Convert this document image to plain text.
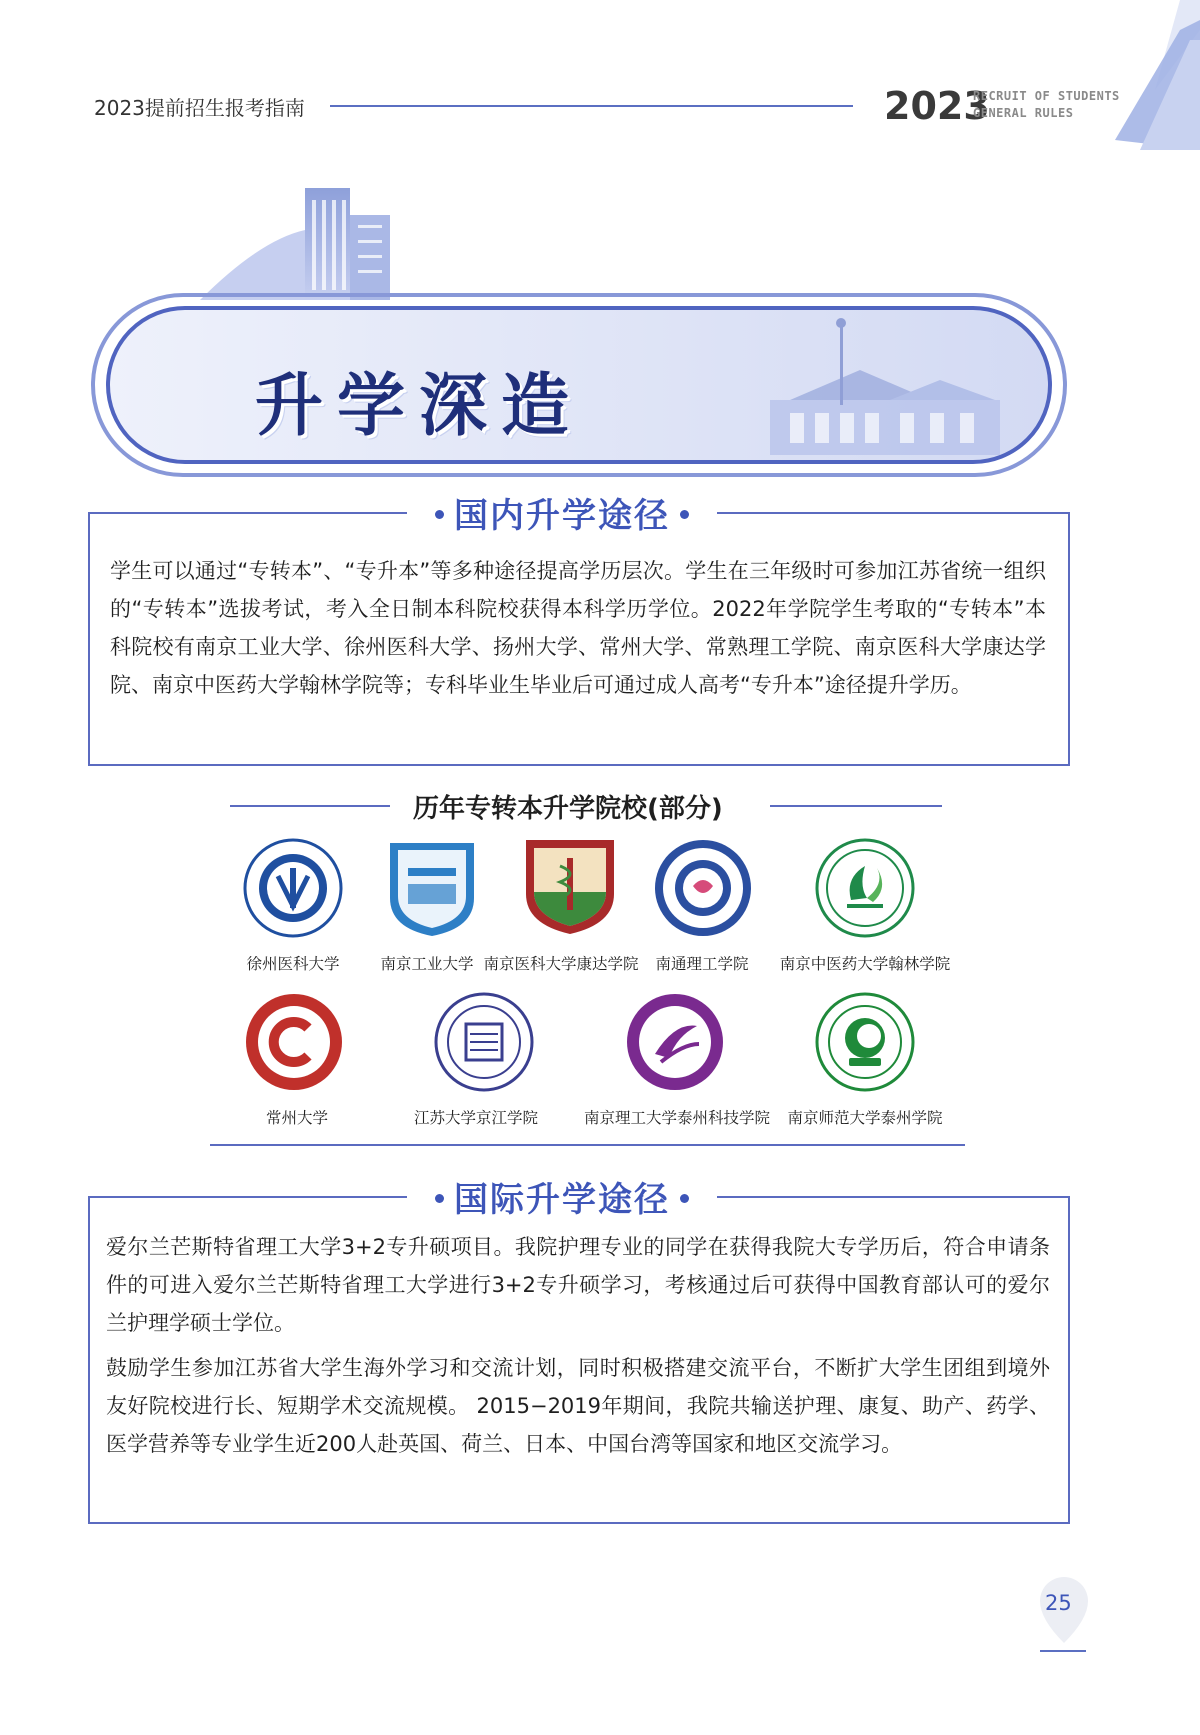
2023提前招生报考指南	2023
RECRUIT OF STUDENTS
GENERAL RULES
升学深造
国内升学途径
学生可以通过“专转本”、“专升本”等多种途径提高学历层次。学生在三年级时可参加江苏省统一组织的“专转本”选拔考试，考入全日制本科院校获得本科学历学位。2022年学院学生考取的“专转本”本科院校有南京工业大学、徐州医科大学、扬州大学、常州大学、常熟理工学院、南京医科大学康达学院、南京中医药大学翰林学院等；专科毕业生毕业后可通过成人高考“专升本”途径提升学历。
历年专转本升学院校(部分)
徐州医科大学	南京工业大学 南京医科大学康达学院	南通理工学院	南京中医药大学翰林学院
常州大学	江苏大学京江学院	南京理工大学泰州科技学院	南京师范大学泰州学院
国际升学途径
爱尔兰芒斯特省理工大学3+2专升硕项目。我院护理专业的同学在获得我院大专学历后，符合申请条件的可进入爱尔兰芒斯特省理工大学进行3+2专升硕学习，考核通过后可获得中国教育部认可的爱尔兰护理学硕士学位。
鼓励学生参加江苏省大学生海外学习和交流计划，同时积极搭建交流平台，不断扩大学生团组到境外友好院校进行长、短期学术交流规模。 2015−2019年期间，我院共输送护理、康复、助产、药学、医学营养等专业学生近200人赴英国、荷兰、日本、中国台湾等国家和地区交流学习。
25
